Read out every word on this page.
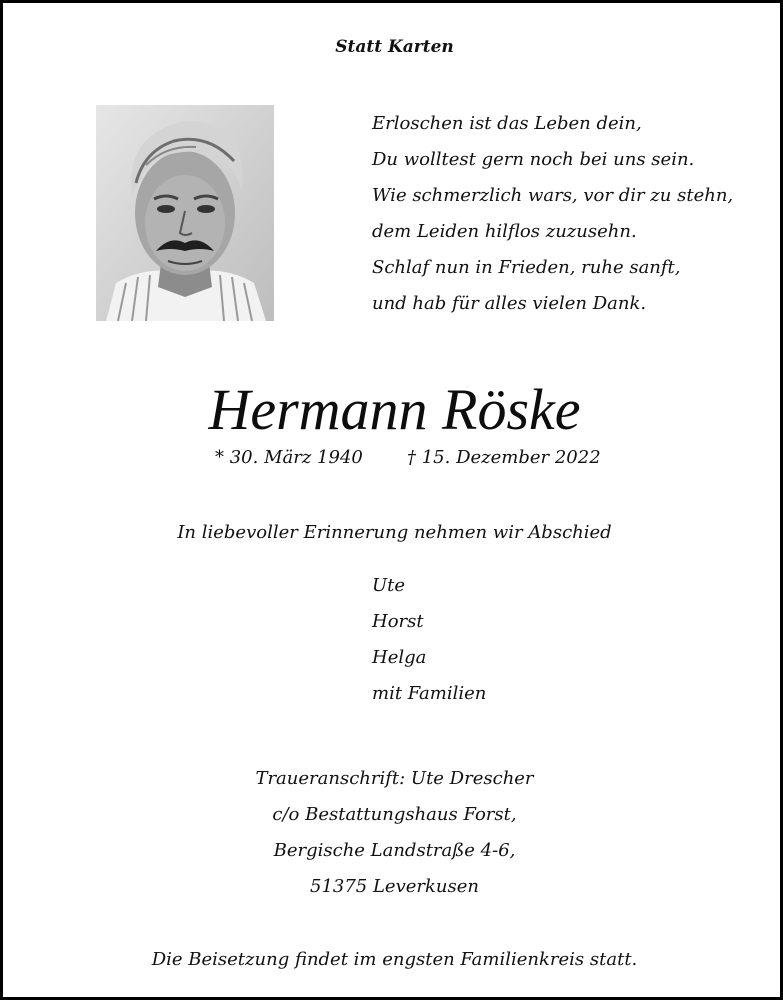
Statt Karten
Erloschen ist das Leben dein,
Du wolltest gern noch bei uns sein.
Wie schmerzlich wars, vor dir zu stehn,
dem Leiden hilflos zuzusehn.
Schlaf nun in Frieden, ruhe sanft,
und hab für alles vielen Dank.
Hermann Röske
* 30. März 1940 † 15. Dezember 2022
In liebevoller Erinnerung nehmen wir Abschied
Ute
Horst
Helga
mit Familien
Traueranschrift: Ute Drescher
c/o Bestattungshaus Forst,
Bergische Landstraße 4-6,
51375 Leverkusen
Die Beisetzung findet im engsten Familienkreis statt.
